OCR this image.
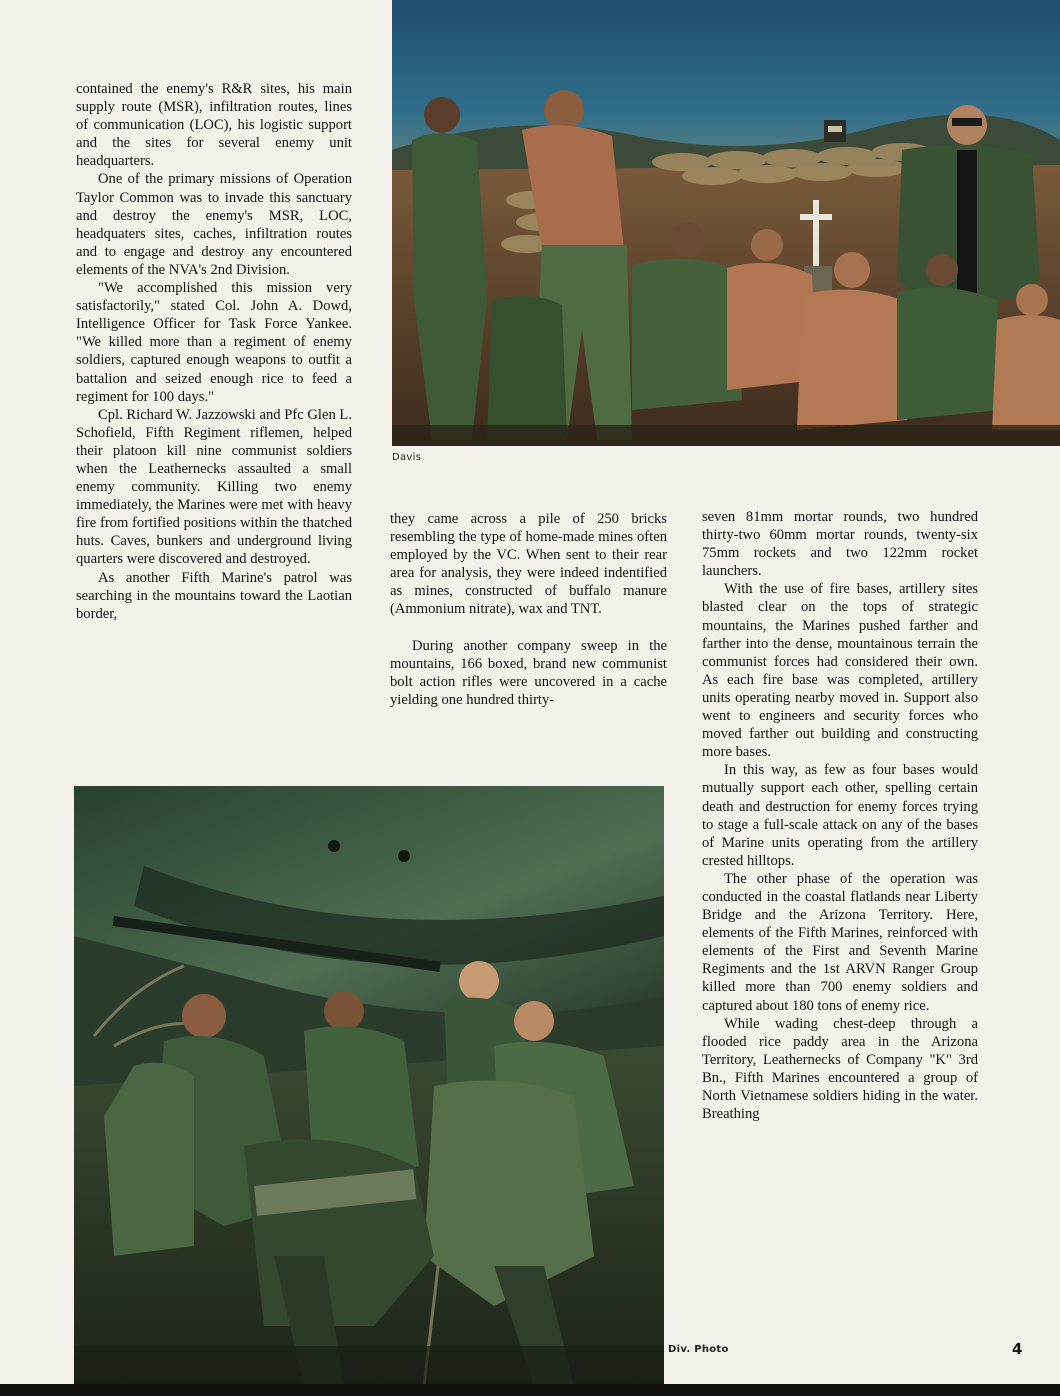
Davis

contained the enemy's R&R sites, his main supply route (MSR), infiltration routes, lines of communication (LOC), his logistic support and the sites for several enemy unit headquarters.

One of the primary missions of Operation Taylor Common was to invade this sanctuary and destroy the enemy's MSR, LOC, headquaters sites, caches, infiltration routes and to engage and destroy any encountered elements of the NVA's 2nd Division.

"We accomplished this mission very satisfactorily," stated Col. John A. Dowd, Intelligence Officer for Task Force Yankee. "We killed more than a regiment of enemy soldiers, captured enough weapons to outfit a battalion and seized enough rice to feed a regiment for 100 days."

Cpl. Richard W. Jazzowski and Pfc Glen L. Schofield, Fifth Regiment riflemen, helped their platoon kill nine communist soldiers when the Leathernecks assaulted a small enemy community. Killing two enemy immediately, the Marines were met with heavy fire from fortified positions within the thatched huts. Caves, bunkers and underground living quarters were discovered and destroyed.

As another Fifth Marine's patrol was searching in the mountains toward the Laotian border,

they came across a pile of 250 bricks resembling the type of home-made mines often employed by the VC. When sent to their rear area for analysis, they were indeed indentified as mines, constructed of buffalo manure (Ammonium nitrate), wax and TNT.

During another company sweep in the mountains, 166 boxed, brand new communist bolt action rifles were uncovered in a cache yielding one hundred thirty-

seven 81mm mortar rounds, two hundred thirty-two 60mm mortar rounds, twenty-six 75mm rockets and two 122mm rocket launchers.

With the use of fire bases, artillery sites blasted clear on the tops of strategic mountains, the Marines pushed farther and farther into the dense, mountainous terrain the communist forces had considered their own. As each fire base was completed, artillery units operating nearby moved in. Support also went to engineers and security forces who moved farther out building and constructing more bases.

In this way, as few as four bases would mutually support each other, spelling certain death and destruction for enemy forces trying to stage a full-scale attack on any of the bases of Marine units operating from the artillery crested hilltops.

The other phase of the operation was conducted in the coastal flatlands near Liberty Bridge and the Arizona Territory. Here, elements of the Fifth Marines, reinforced with elements of the First and Seventh Marine Regiments and the 1st ARVN Ranger Group killed more than 700 enemy soldiers and captured about 180 tons of enemy rice.

While wading chest-deep through a flooded rice paddy area in the Arizona Territory, Leathernecks of Company "K" 3rd Bn., Fifth Marines encountered a group of North Vietnamese soldiers hiding in the water. Breathing

Div. Photo	4
